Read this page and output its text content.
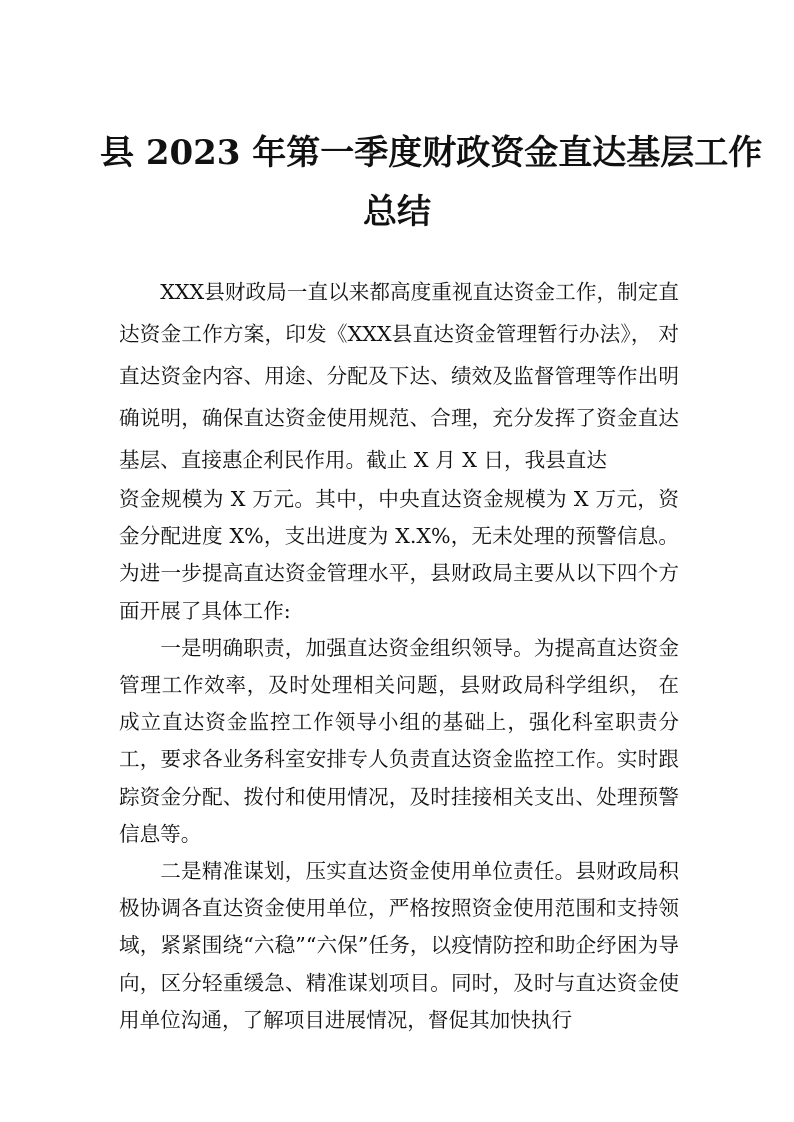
县 2023 年第一季度财政资金直达基层工作
总结

XXX县财政局一直以来都高度重视直达资金工作，制定直达资金工作方案，印发《XXX县直达资金管理暂行办法》， 对直达资金内容、用途、分配及下达、绩效及监督管理等作出明确说明，确保直达资金使用规范、合理，充分发挥了资金直达基层、直接惠企利民作用。截止 X 月 X 日，我县直达

资金规模为 X 万元。其中，中央直达资金规模为 X 万元，资金分配进度 X%，支出进度为 X.X%，无未处理的预警信息。为进一步提高直达资金管理水平，县财政局主要从以下四个方面开展了具体工作:

一是明确职责，加强直达资金组织领导。为提高直达资金管理工作效率，及时处理相关问题，县财政局科学组织， 在成立直达资金监控工作领导小组的基础上，强化科室职责分工，要求各业务科室安排专人负责直达资金监控工作。实时跟踪资金分配、拨付和使用情况，及时挂接相关支出、处理预警信息等。

二是精准谋划，压实直达资金使用单位责任。县财政局积极协调各直达资金使用单位，严格按照资金使用范围和支持领域，紧紧围绕“六稳”“六保”任务，以疫情防控和助企纾困为导向，区分轻重缓急、精准谋划项目。同时，及时与直达资金使用单位沟通，了解项目进展情况，督促其加快执行
